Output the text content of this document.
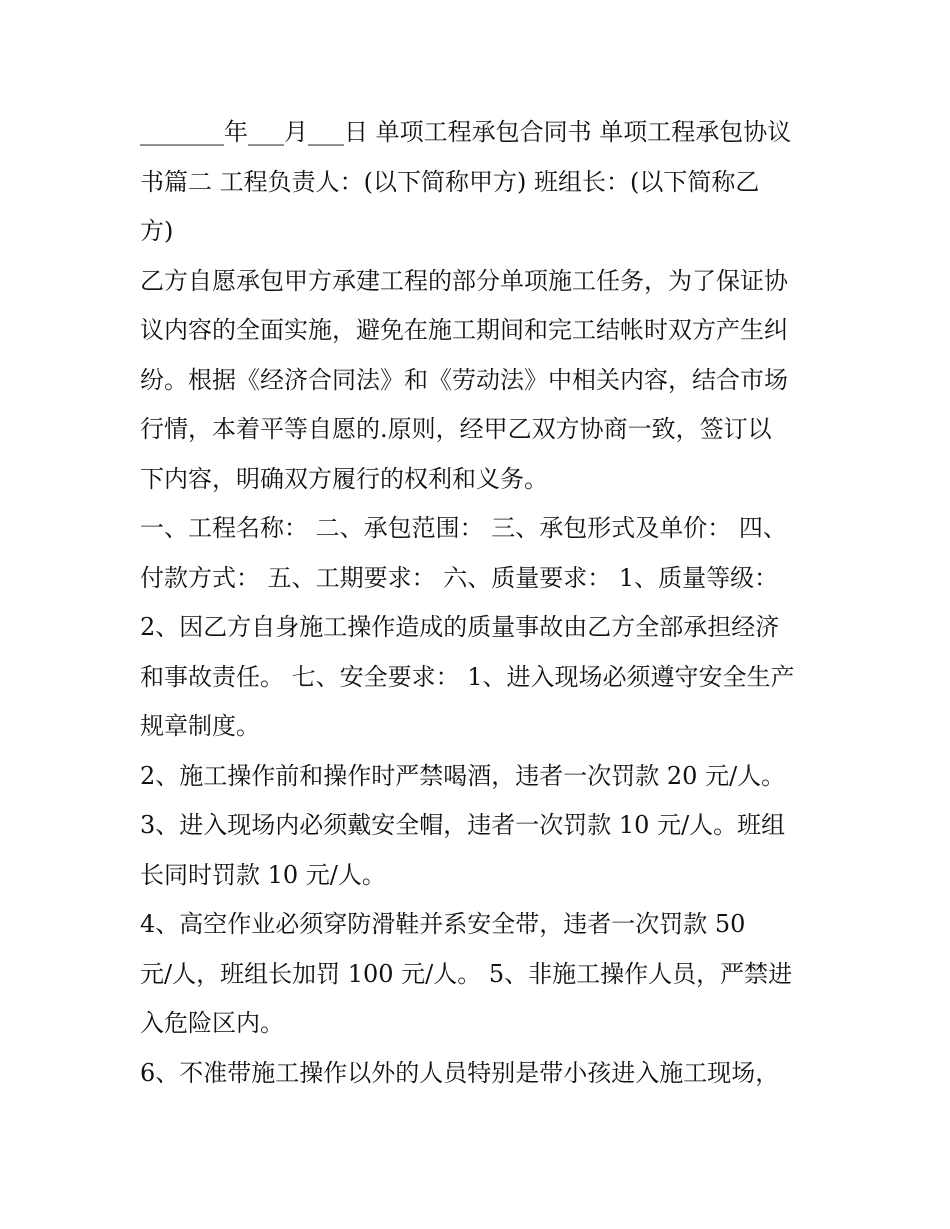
_______年___月___日 单项工程承包合同书 单项工程承包协议
书篇二 工程负责人：(以下简称甲方) 班组长：(以下简称乙
方)
乙方自愿承包甲方承建工程的部分单项施工任务，为了保证协
议内容的全面实施，避免在施工期间和完工结帐时双方产生纠
纷。根据《经济合同法》和《劳动法》中相关内容，结合市场
行情，本着平等自愿的.原则，经甲乙双方协商一致，签订以
下内容，明确双方履行的权利和义务。
一、工程名称： 二、承包范围： 三、承包形式及单价： 四、
付款方式： 五、工期要求： 六、质量要求： 1、质量等级：
2、因乙方自身施工操作造成的质量事故由乙方全部承担经济
和事故责任。 七、安全要求： 1、进入现场必须遵守安全生产
规章制度。
2、施工操作前和操作时严禁喝酒，违者一次罚款 20 元/人。
3、进入现场内必须戴安全帽，违者一次罚款 10 元/人。班组
长同时罚款 10 元/人。
4、高空作业必须穿防滑鞋并系安全带，违者一次罚款 50
元/人，班组长加罚 100 元/人。 5、非施工操作人员，严禁进
入危险区内。
6、不准带施工操作以外的人员特别是带小孩进入施工现场，
